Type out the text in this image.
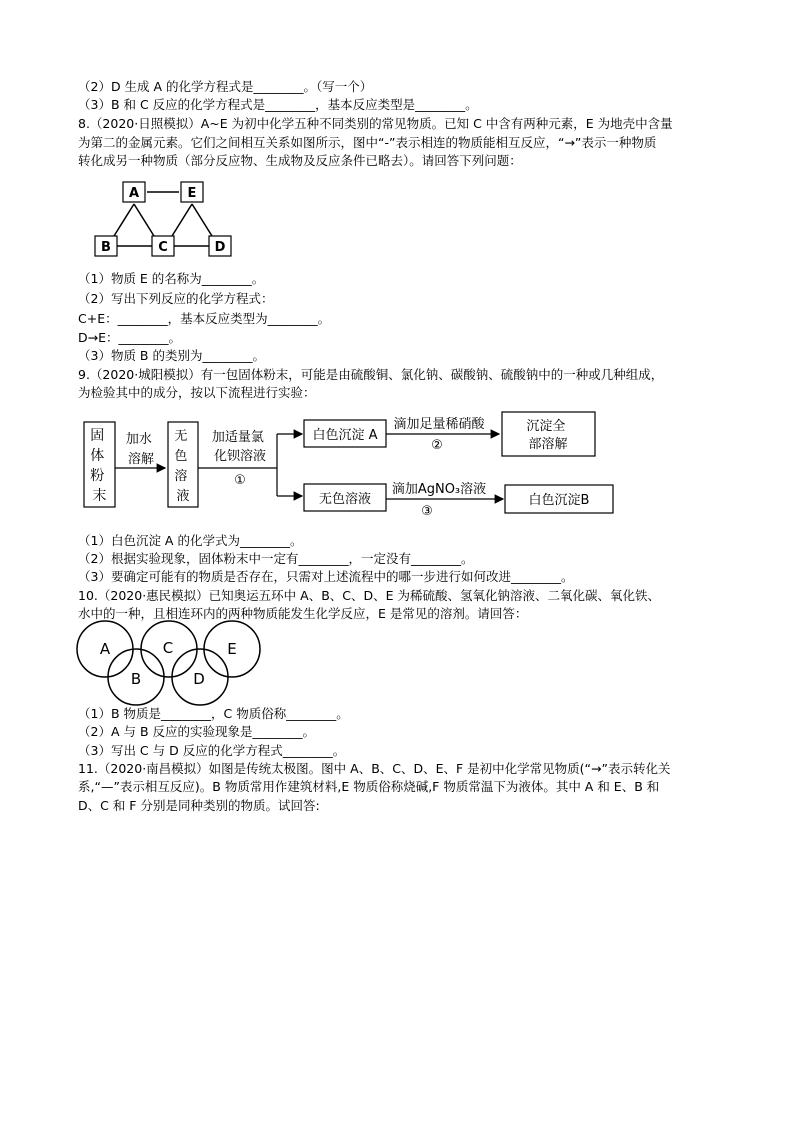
（2）D 生成 A 的化学方程式是________。（写一个）
（3）B 和 C 反应的化学方程式是________，基本反应类型是________。
8.（2020·日照模拟）A~E 为初中化学五种不同类别的常见物质。已知 C 中含有两种元素，E 为地壳中含量
为第二的金属元素。它们之间相互关系如图所示，图中“-”表示相连的物质能相互反应，“→”表示一种物质
转化成另一种物质（部分反应物、生成物及反应条件已略去）。请回答下列问题：
A	E
B	C	D
（1）物质 E 的名称为________。
（2）写出下列反应的化学方程式：
C+E：________，基本反应类型为________。
D→E：________。
（3）物质 B 的类别为________。
9.（2020·城阳模拟）有一包固体粉末，可能是由硫酸铜、氯化钠、碳酸钠、硫酸钠中的一种或几种组成，
为检验其中的成分，按以下流程进行实验：
固 体 粉 末
加水 溶解
无 色 溶 液
加适量氯 化钡溶液
①
白色沉淀 A
滴加足量稀硝酸
②
沉淀全 部溶解
无色溶液
滴加AgNO₃溶液
③
白色沉淀B
（1）白色沉淀 A 的化学式为________。
（2）根据实验现象，固体粉末中一定有________，一定没有________。
（3）要确定可能有的物质是否存在，只需对上述流程中的哪一步进行如何改进________。
10.（2020·惠民模拟）已知奥运五环中 A、B、C、D、E 为稀硫酸、氢氧化钠溶液、二氧化碳、氧化铁、
水中的一种，且相连环内的两种物质能发生化学反应，E 是常见的溶剂。请回答：
A	C	E
B	D
（1）B 物质是________，C 物质俗称________。
（2）A 与 B 反应的实验现象是________。
（3）写出 C 与 D 反应的化学方程式________。
11.（2020·南昌模拟）如图是传统太极图。图中 A、B、C、D、E、F 是初中化学常见物质(“→”表示转化关
系,“—”表示相互反应)。B 物质常用作建筑材料,E 物质俗称烧碱,F 物质常温下为液体。其中 A 和 E、B 和
D、C 和 F 分别是同种类别的物质。试回答:
